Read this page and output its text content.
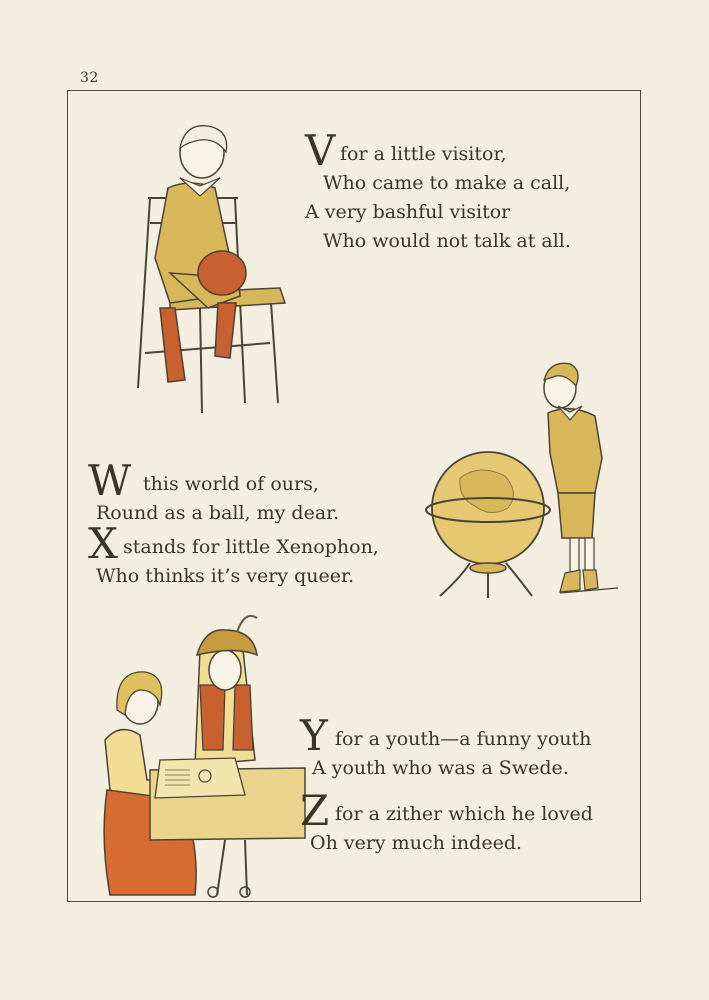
32
Vfor a little visitor,
Who came to make a call,
A very bashful visitor
Who would not talk at all.
Wthis world of ours,
Round as a ball, my dear.
Xstands for little Xenophon,
Who thinks it’s very queer.
Yfor a youth—a funny youth
A youth who was a Swede.
Zfor a zither which he loved
Oh very much indeed.
